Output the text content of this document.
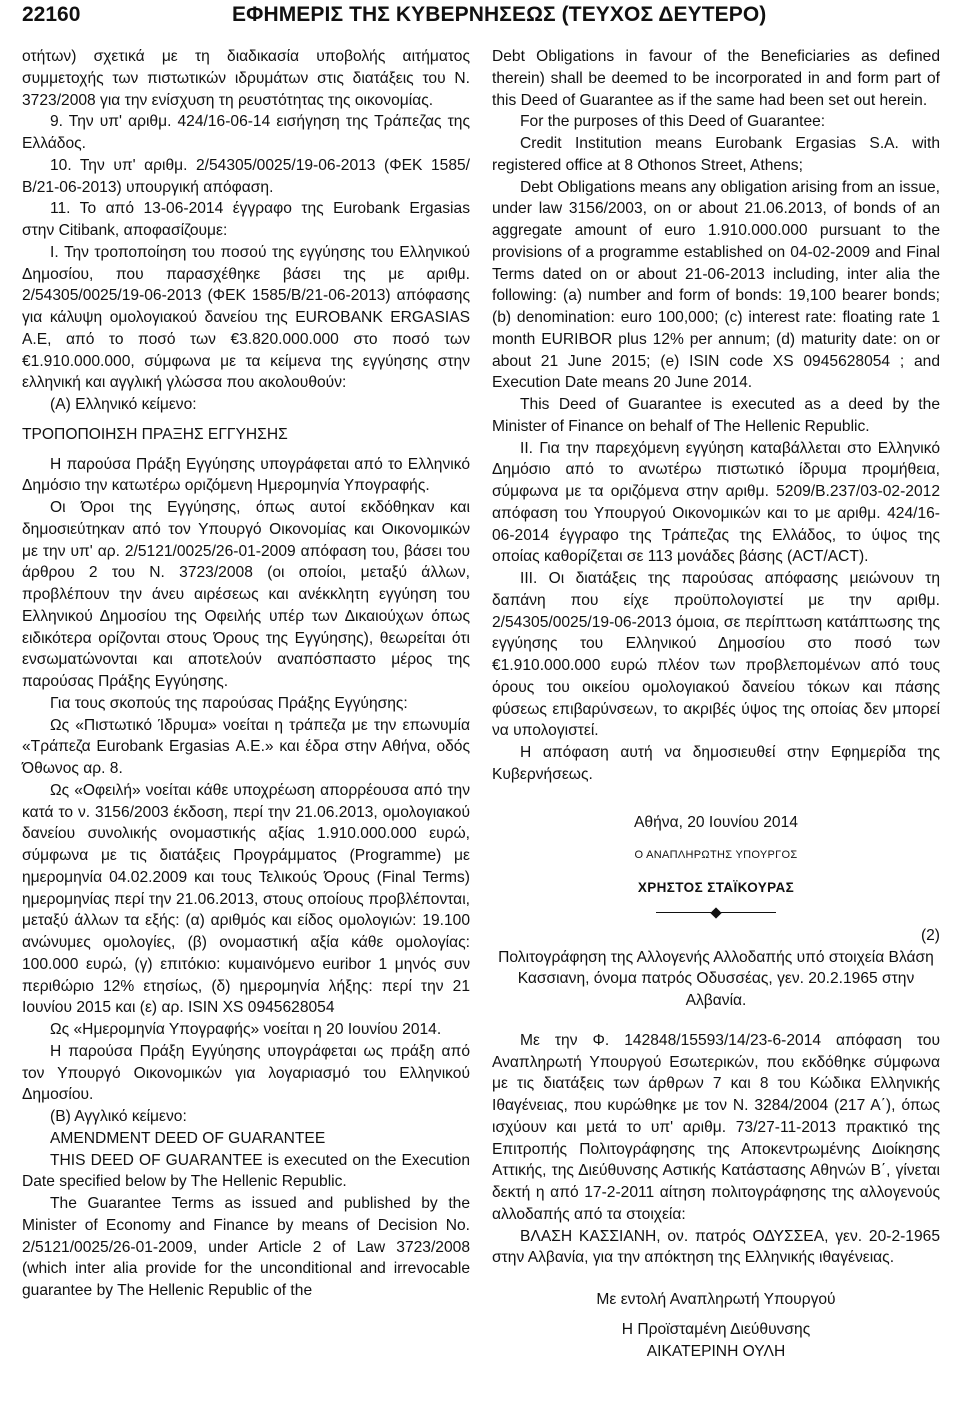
22160	ΕΦΗΜΕΡΙΣ ΤΗΣ ΚΥΒΕΡΝΗΣΕΩΣ (ΤΕΥΧΟΣ ΔΕΥΤΕΡΟ)

οτήτων) σχετικά με τη διαδικασία υποβολής αιτήματος συμμετοχής των πιστωτικών ιδρυμάτων στις διατάξεις του Ν. 3723/2008 για την ενίσχυση τη ρευστότητας της οικονομίας.

9. Την υπ' αριθμ. 424/16-06-14 εισήγηση της Τράπεζας της Ελλάδος.

10. Την υπ' αριθμ. 2/54305/0025/19-06-2013 (ΦΕΚ 1585/Β/21-06-2013) υπουργική απόφαση.

11. Το από 13-06-2014 έγγραφο της Eurobank Ergasias στην Citibank, αποφασίζουμε:

I. Την τροποποίηση του ποσού της εγγύησης του Ελληνικού Δημοσίου, που παρασχέθηκε βάσει της με αριθμ. 2/54305/0025/19-06-2013 (ΦΕΚ 1585/Β/21-06-2013) απόφασης για κάλυψη ομολογιακού δανείου της EUROBANK ERGASIAS Α.Ε, από το ποσό των €3.820.000.000 στο ποσό των €1.910.000.000, σύμφωνα με τα κείμενα της εγγύησης στην ελληνική και αγγλική γλώσσα που ακολουθούν:

(Α) Ελληνικό κείμενο:

ΤΡΟΠΟΠΟΙΗΣΗ ΠΡΑΞΗΣ ΕΓΓΥΗΣΗΣ

Η παρούσα Πράξη Εγγύησης υπογράφεται από το Ελληνικό Δημόσιο την κατωτέρω οριζόμενη Ημερομηνία Υπογραφής.

Οι Όροι της Εγγύησης, όπως αυτοί εκδόθηκαν και δημοσιεύτηκαν από τον Υπουργό Οικονομίας και Οικονομικών με την υπ' αρ. 2/5121/0025/26-01-2009 απόφαση του, βάσει του άρθρου 2 του Ν. 3723/2008 (οι οποίοι, μεταξύ άλλων, προβλέπουν την άνευ αιρέσεως και ανέκκλητη εγγύηση του Ελληνικού Δημοσίου της Οφειλής υπέρ των Δικαιούχων όπως ειδικότερα ορίζονται στους Όρους της Εγγύησης), θεωρείται ότι ενσωματώνονται και αποτελούν αναπόσπαστο μέρος της παρούσας Πράξης Εγγύησης.

Για τους σκοπούς της παρούσας Πράξης Εγγύησης:

Ως «Πιστωτικό Ίδρυμα» νοείται η τράπεζα με την επωνυμία «Τράπεζα Eurobank Ergasias Α.Ε.» και έδρα στην Αθήνα, οδός Όθωνος αρ. 8.

Ως «Οφειλή» νοείται κάθε υποχρέωση απορρέουσα από την κατά το ν. 3156/2003 έκδοση, περί την 21.06.2013, ομολογιακού δανείου συνολικής ονομαστικής αξίας 1.910.000.000 ευρώ, σύμφωνα με τις διατάξεις Προγράμματος (Programme) με ημερομηνία 04.02.2009 και τους Τελικούς Όρους (Final Terms) ημερομηνίας περί την 21.06.2013, στους οποίους προβλέπονται, μεταξύ άλλων τα εξής: (α) αριθμός και είδος ομολογιών: 19.100 ανώνυμες ομολογίες, (β) ονομαστική αξία κάθε ομολογίας: 100.000 ευρώ, (γ) επιτόκιο: κυμαινόμενο euribor 1 μηνός συν περιθώριο 12% ετησίως, (δ) ημερομηνία λήξης: περί την 21 Ιουνίου 2015 και (ε) αρ. ISIN XS 0945628054

Ως «Ημερομηνία Υπογραφής» νοείται η 20 Ιουνίου 2014.

Η παρούσα Πράξη Εγγύησης υπογράφεται ως πράξη από τον Υπουργό Οικονομικών για λογαριασμό του Ελληνικού Δημοσίου.

(Β) Αγγλικό κείμενο:

AMENDMENT DEED OF GUARANTEE

THIS DEED OF GUARANTEE is executed on the Execution Date specified below by The Hellenic Republic.

The Guarantee Terms as issued and published by the Minister of Economy and Finance by means of Decision No. 2/5121/0025/26-01-2009, under Article 2 of Law 3723/2008 (which inter alia provide for the unconditional and irrevocable guarantee by The Hellenic Republic of the

Debt Obligations in favour of the Beneficiaries as defined therein) shall be deemed to be incorporated in and form part of this Deed of Guarantee as if the same had been set out herein.

For the purposes of this Deed of Guarantee:

Credit Institution means Eurobank Ergasias S.A. with registered office at 8 Othonos Street, Athens;

Debt Obligations means any obligation arising from an issue, under law 3156/2003, on or about 21.06.2013, of bonds of an aggregate amount of euro 1.910.000.000 pursuant to the provisions of a programme established on 04-02-2009 and Final Terms dated on or about 21-06-2013 including, inter alia the following: (a) number and form of bonds: 19,100 bearer bonds; (b) denomination: euro 100,000; (c) interest rate: floating rate 1 month EURIBOR plus 12% per annum; (d) maturity date: on or about 21 June 2015; (e) ISIN code XS 0945628054 ; and Execution Date means 20 June 2014.

This Deed of Guarantee is executed as a deed by the Minister of Finance on behalf of The Hellenic Republic.

II. Για την παρεχόμενη εγγύηση καταβάλλεται στο Ελληνικό Δημόσιο από το ανωτέρω πιστωτικό ίδρυμα προμήθεια, σύμφωνα με τα οριζόμενα στην αριθμ. 5209/Β.237/03-02-2012 απόφαση του Υπουργού Οικονομικών και το με αριθμ. 424/16-06-2014 έγγραφο της Τράπεζας της Ελλάδος, το ύψος της οποίας καθορίζεται σε 113 μονάδες βάσης (ACT/ACT).

III. Οι διατάξεις της παρούσας απόφασης μειώνουν τη δαπάνη που είχε προϋπολογιστεί με την αριθμ. 2/54305/0025/19-06-2013 όμοια, σε περίπτωση κατάπτωσης της εγγύησης του Ελληνικού Δημοσίου στο ποσό των €1.910.000.000 ευρώ πλέον των προβλεπομένων από τους όρους του οικείου ομολογιακού δανείου τόκων και πάσης φύσεως επιβαρύνσεων, το ακριβές ύψος της οποίας δεν μπορεί να υπολογιστεί.

Η απόφαση αυτή να δημοσιευθεί στην Εφημερίδα της Κυβερνήσεως.

Αθήνα, 20 Ιουνίου 2014

Ο ΑΝΑΠΛΗΡΩΤΗΣ ΥΠΟΥΡΓΟΣ

ΧΡΗΣΤΟΣ ΣΤΑΪΚΟΥΡΑΣ

(2)

Πολιτογράφηση της Αλλογενής Αλλοδαπής υπό στοιχεία Βλάση Κασσιανη, όνομα πατρός Οδυσσέας, γεν. 20.2.1965 στην Αλβανία.

Με την Φ. 142848/15593/14/23-6-2014 απόφαση του Αναπληρωτή Υπουργού Εσωτερικών, που εκδόθηκε σύμφωνα με τις διατάξεις των άρθρων 7 και 8 του Κώδικα Ελληνικής Ιθαγένειας, που κυρώθηκε με τον Ν. 3284/2004 (217 Α΄), όπως ισχύουν και μετά το υπ' αριθμ. 73/27-11-2013 πρακτικό της Επιτροπής Πολιτογράφησης της Αποκεντρωμένης Διοίκησης Αττικής, της Διεύθυνσης Αστικής Κατάστασης Αθηνών Β΄, γίνεται δεκτή η από 17-2-2011 αίτηση πολιτογράφησης της αλλογενούς αλλοδαπής από τα στοιχεία:

ΒΛΑΣΗ ΚΑΣΣΙΑΝΗ, ον. πατρός ΟΔΥΣΣΕΑ, γεν. 20-2-1965 στην Αλβανία, για την απόκτηση της Ελληνικής ιθαγένειας.

Με εντολή Αναπληρωτή Υπουργού

Η Προϊσταμένη Διεύθυνσης

ΑΙΚΑΤΕΡΙΝΗ ΟΥΛΗ
